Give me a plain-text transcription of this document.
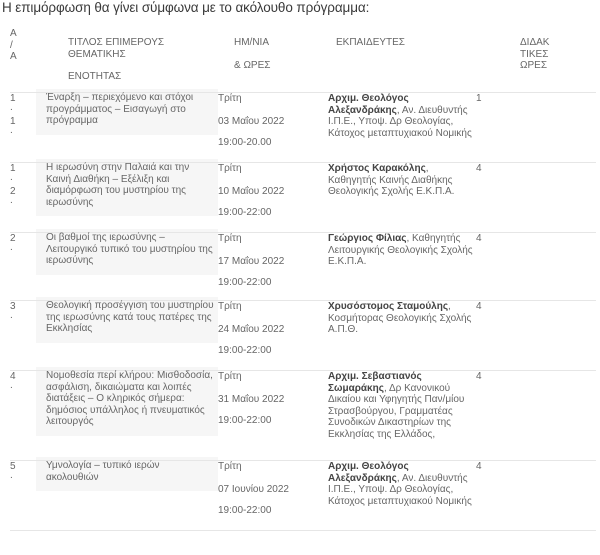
Η επιμόρφωση θα γίνει σύμφωνα με το ακόλουθο πρόγραμμα:
Α
/
Α	ΤΙΤΛΟΣ ΕΠΙΜΕΡΟΥΣ
ΘΕΜΑΤΙΚΗΣ
ΕΝΟΤΗΤΑΣ	ΗΜ/ΝΙΑ
& ΩΡΕΣ	ΕΚΠΑΙΔΕΥΤΕΣ	ΔΙΔΑΚ
ΤΙΚΕΣ
ΩΡΕΣ

1
.
1
.	Έναρξη – περιεχόμενο και στόχοι προγράμματος – Εισαγωγή στο πρόγραμμα	Τρίτη
03 Μαΐου 2022
19:00-20.00	Αρχιμ. Θεολόγος Αλεξανδράκης, Αν. Διευθυντής Ι.Π.Ε., Υποψ. Δρ Θεολογίας, Κάτοχος μεταπτυχιακού Νομικής	1

1
.
2
.	Η ιερωσύνη στην Παλαιά και την Καινή Διαθήκη – Εξέλιξη και διαμόρφωση του μυστηρίου της ιερωσύνης	Τρίτη
10 Μαΐου 2022
19:00-22:00	Χρήστος Καρακόλης, Καθηγητής Καινής Διαθήκης Θεολογικής Σχολής Ε.Κ.Π.Α.	4

2
.	Οι βαθμοί της ιερωσύνης – Λειτουργικό τυπικό του μυστηρίου της ιερωσύνης	Τρίτη
17 Μαΐου 2022
19:00-22:00	Γεώργιος Φίλιας, Καθηγητής Λειτουργικής Θεολογικής Σχολής Ε.Κ.Π.Α.	4

3
.	Θεολογική προσέγγιση του μυστηρίου της ιερωσύνης κατά τους πατέρες της Εκκλησίας	Τρίτη
24 Μαΐου 2022
19:00-22:00	Χρυσόστομος Σταμούλης, Κοσμήτορας Θεολογικής Σχολής Α.Π.Θ.	4

4
.	Νομοθεσία περί κλήρου: Μισθοδοσία, ασφάλιση, δικαιώματα και λοιπές διατάξεις – Ο κληρικός σήμερα: δημόσιος υπάλληλος ή πνευματικός λειτουργός	Τρίτη
31 Μαΐου 2022
19:00-22:00	Αρχιμ. Σεβαστιανός Σωμαράκης, Δρ Κανονικού Δικαίου και Υφηγητής Παν/μίου Στρασβούργου, Γραμματέας Συνοδικών Δικαστηρίων της Εκκλησίας της Ελλάδος,	4

5
.	Υμνολογία – τυπικό ιερών ακολουθιών	Τρίτη
07 Ιουνίου 2022
19:00-22:00	Αρχιμ. Θεολόγος Αλεξανδράκης, Αν. Διευθυντής Ι.Π.Ε., Υποψ. Δρ Θεολογίας, Κάτοχος μεταπτυχιακού Νομικής	4
